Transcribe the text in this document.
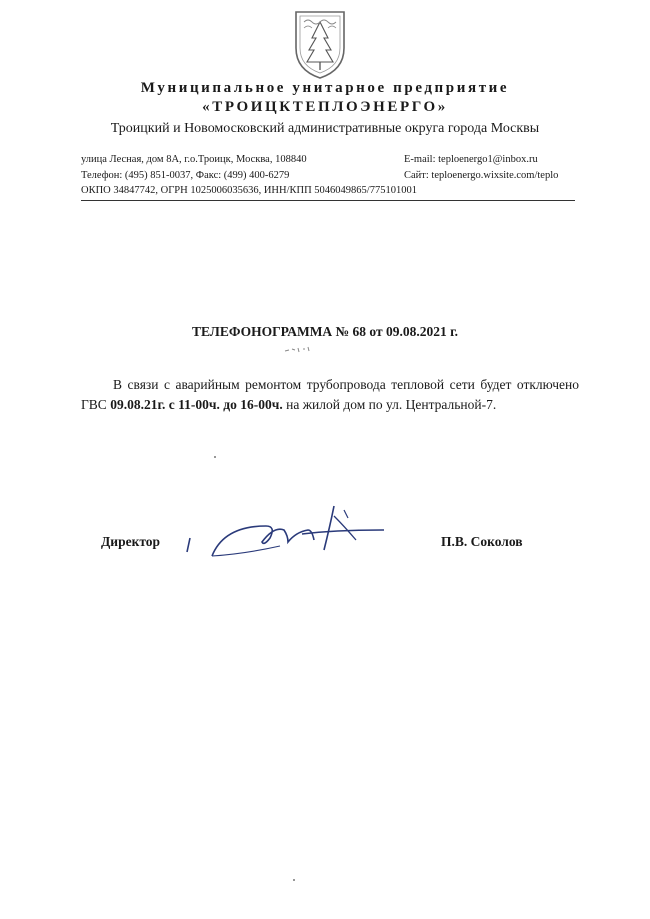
Муниципальное унитарное предприятие
«ТРОИЦКТЕПЛОЭНЕРГО»
Троицкий и Новомосковский административные округа города Москвы
улица Лесная, дом 8А, г.о.Троицк, Москва, 108840
Телефон: (495) 851-0037, Факс: (499) 400-6279
ОКПО 34847742, ОГРН 1025006035636, ИНН/КПП 5046049865/775101001
E-mail: teploenergo1@inbox.ru
Сайт: teploenergo.wixsite.com/teplo
ТЕЛЕФОНОГРАММА № 68 от 09.08.2021 г.

В связи с аварийным ремонтом трубопровода тепловой сети будет отключено ГВС 09.08.21г. с 11-00ч. до 16-00ч. на жилой дом по ул. Центральной-7.

Директор	П.В. Соколов
